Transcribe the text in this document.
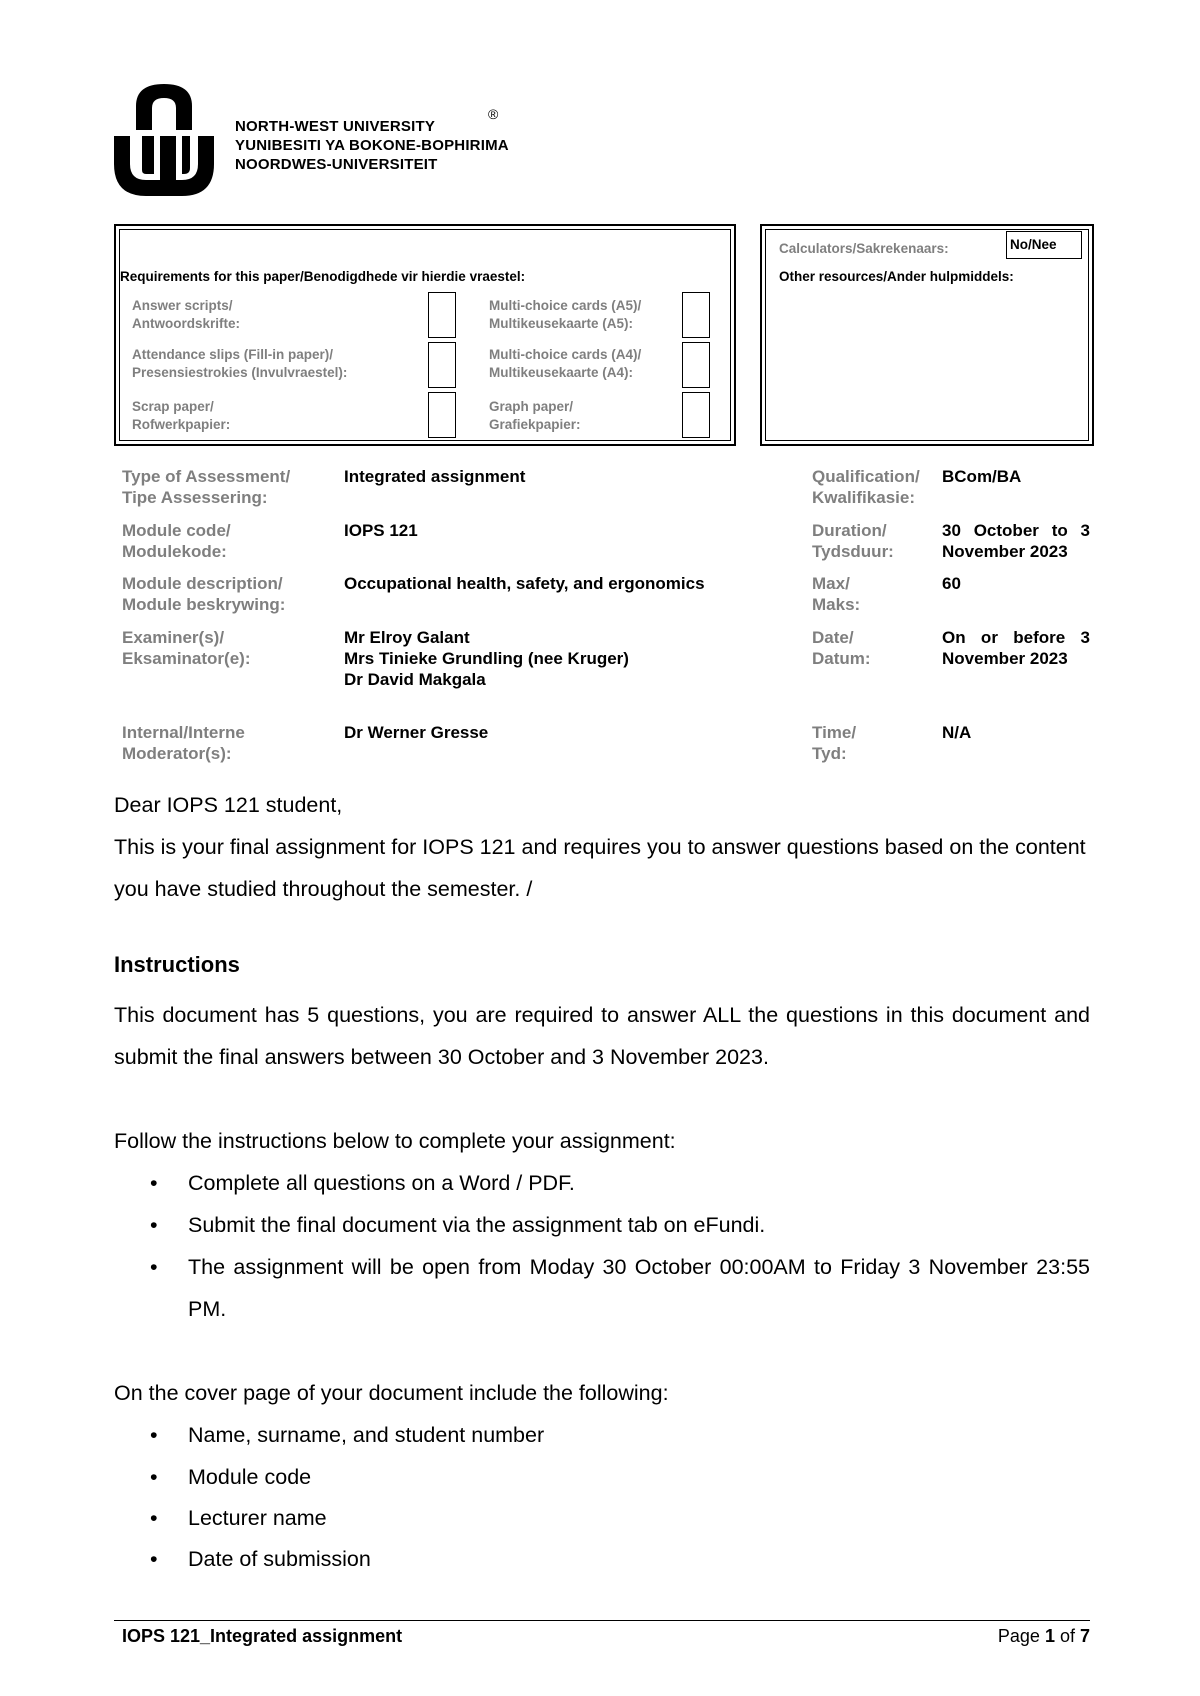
NORTH-WEST UNIVERSITY
YUNIBESITI YA BOKONE-BOPHIRIMA
NOORDWES-UNIVERSITEIT
®
Requirements for this paper/Benodigdhede vir hierdie vraestel:
Answer scripts/
Antwoordskrifte:
Attendance slips (Fill-in paper)/
Presensiestrokies (Invulvraestel):
Scrap paper/
Rofwerkpapier:
Multi-choice cards (A5)/
Multikeusekaarte (A5):
Multi-choice cards (A4)/
Multikeusekaarte (A4):
Graph paper/
Grafiekpapier:
Calculators/Sakrekenaars:	No/Nee
Other resources/Ander hulpmiddels:
Type of Assessment/
Tipe Assessering:
Integrated assignment
Module code/
Modulekode:
IOPS 121
Module description/
Module beskrywing:
Occupational health, safety, and ergonomics
Examiner(s)/
Eksaminator(e):
Mr Elroy Galant
Mrs Tinieke Grundling (nee Kruger)
Dr David Makgala
Internal/Interne
Moderator(s):
Dr Werner Gresse
Qualification/
Kwalifikasie:
BCom/BA
Duration/
Tydsduur:
30 October to 3
November 2023
Max/
Maks:
60
Date/
Datum:
On or before 3
November 2023
Time/
Tyd:
N/A
Dear IOPS 121 student,
This is your final assignment for IOPS 121 and requires you to answer questions based on the content you have studied throughout the semester. /
Instructions
This document has 5 questions, you are required to answer ALL the questions in this document and submit the final answers between 30 October and 3 November 2023.
Follow the instructions below to complete your assignment:
• Complete all questions on a Word / PDF.
• Submit the final document via the assignment tab on eFundi.
• The assignment will be open from Moday 30 October 00:00AM to Friday 3 November 23:55 PM.
On the cover page of your document include the following:
• Name, surname, and student number
• Module code
• Lecturer name
• Date of submission
IOPS 121_Integrated assignment	Page 1 of 7
